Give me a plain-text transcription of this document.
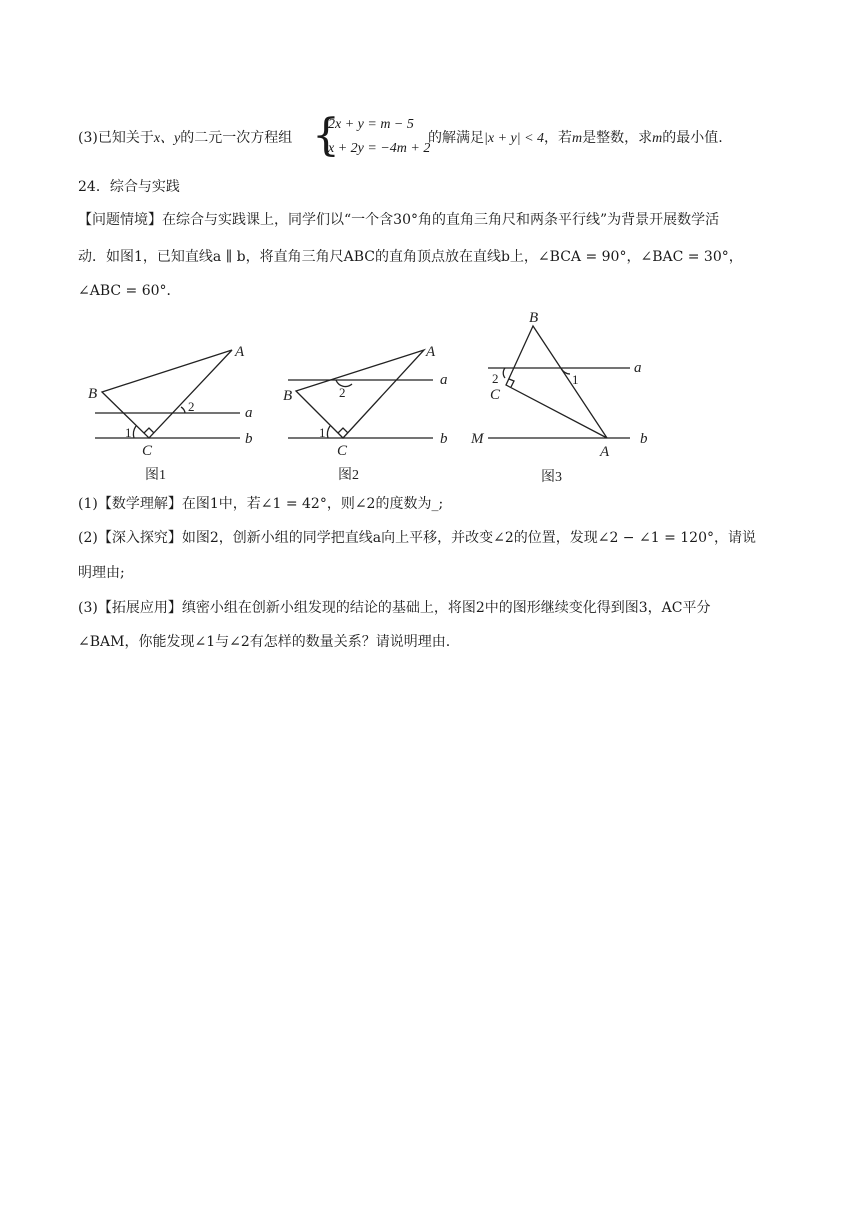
(3)已知关于x、y的二元一次方程组 {
2x + y = m − 5
x + 2y = −4m + 2
的解满足|x + y| < 4，若m是整数，求m的最小值.
24．综合与实践
【问题情境】在综合与实践课上，同学们以“一个含30°角的直角三角尺和两条平行线”为背景开展数学活
动．如图1，已知直线a ∥ b，将直角三角尺ABC的直角顶点放在直线b上，∠BCA = 90°，∠BAC = 30°，
∠ABC = 60°．
A
B
C
a
b
1
2
图1
A
B
C
a
b
1
2
图2
B
C
M
A
a
b
1
2
图3
(1)【数学理解】在图1中，若∠1 = 42°，则∠2的度数为_;
(2)【深入探究】如图2，创新小组的同学把直线a向上平移，并改变∠2的位置，发现∠2 − ∠1 = 120°，请说
明理由;
(3)【拓展应用】缜密小组在创新小组发现的结论的基础上，将图2中的图形继续变化得到图3，AC平分
∠BAM，你能发现∠1与∠2有怎样的数量关系？请说明理由.
